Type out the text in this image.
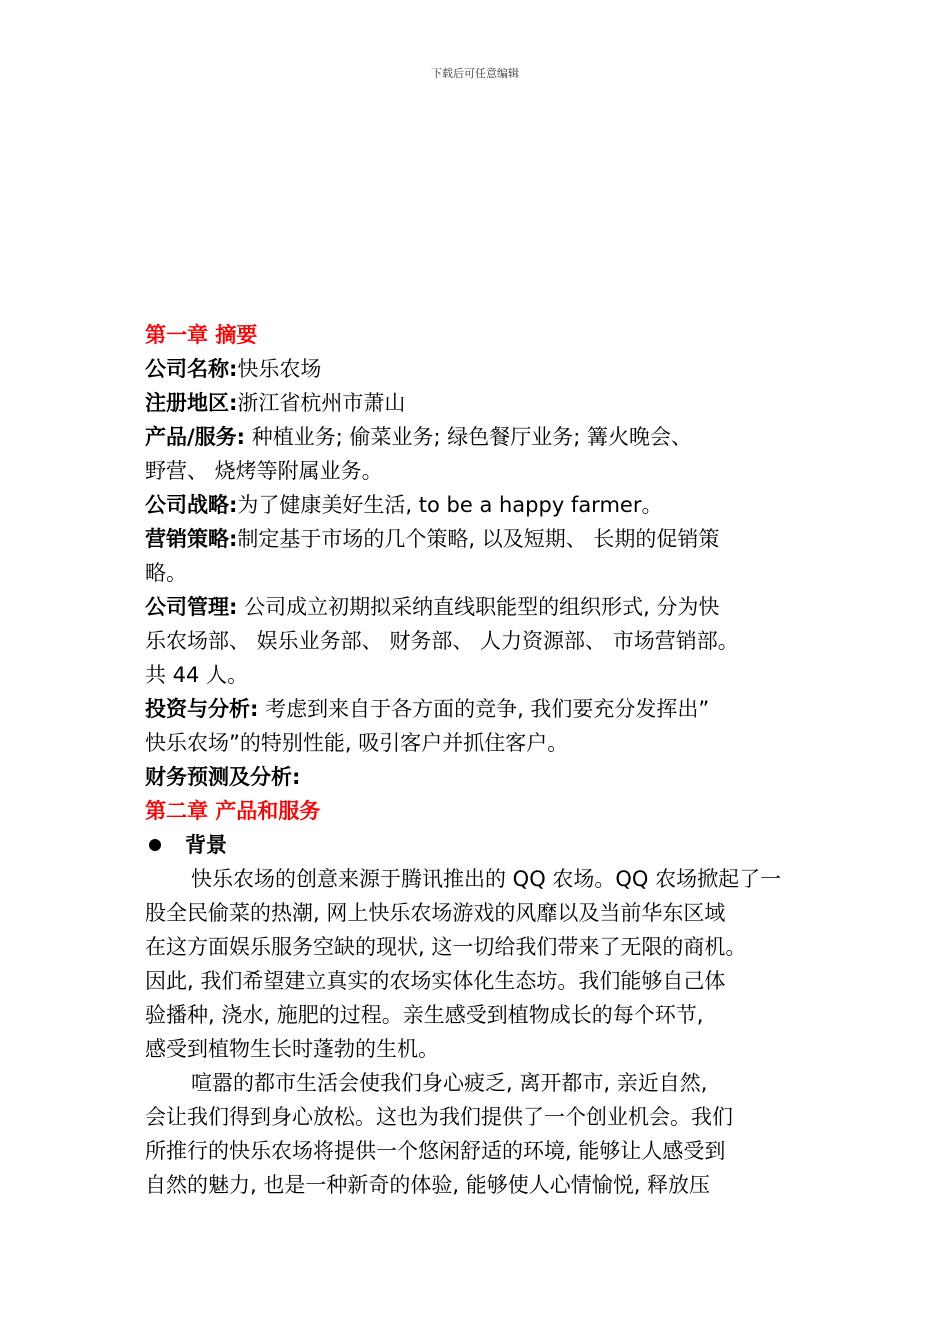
下载后可任意编辑
第一章 摘要
公司名称:快乐农场
注册地区:浙江省杭州市萧山
产品/服务: 种植业务; 偷菜业务; 绿色餐厅业务; 篝火晚会、
野营、 烧烤等附属业务。
公司战略:为了健康美好生活, to be a happy farmer。
营销策略:制定基于市场的几个策略, 以及短期、 长期的促销策
略。
公司管理: 公司成立初期拟采纳直线职能型的组织形式, 分为快
乐农场部、 娱乐业务部、 财务部、 人力资源部、 市场营销部。
共 44 人。
投资与分析: 考虑到来自于各方面的竞争, 我们要充分发挥出”
快乐农场”的特别性能, 吸引客户并抓住客户。
财务预测及分析:
第二章 产品和服务
背景
快乐农场的创意来源于腾讯推出的 QQ 农场。QQ 农场掀起了一
股全民偷菜的热潮, 网上快乐农场游戏的风靡以及当前华东区域
在这方面娱乐服务空缺的现状, 这一切给我们带来了无限的商机。
因此, 我们希望建立真实的农场实体化生态坊。我们能够自己体
验播种, 浇水, 施肥的过程。亲生感受到植物成长的每个环节,
感受到植物生长时蓬勃的生机。
喧嚣的都市生活会使我们身心疲乏, 离开都市, 亲近自然,
会让我们得到身心放松。这也为我们提供了一个创业机会。我们
所推行的快乐农场将提供一个悠闲舒适的环境, 能够让人感受到
自然的魅力, 也是一种新奇的体验, 能够使人心情愉悦, 释放压
